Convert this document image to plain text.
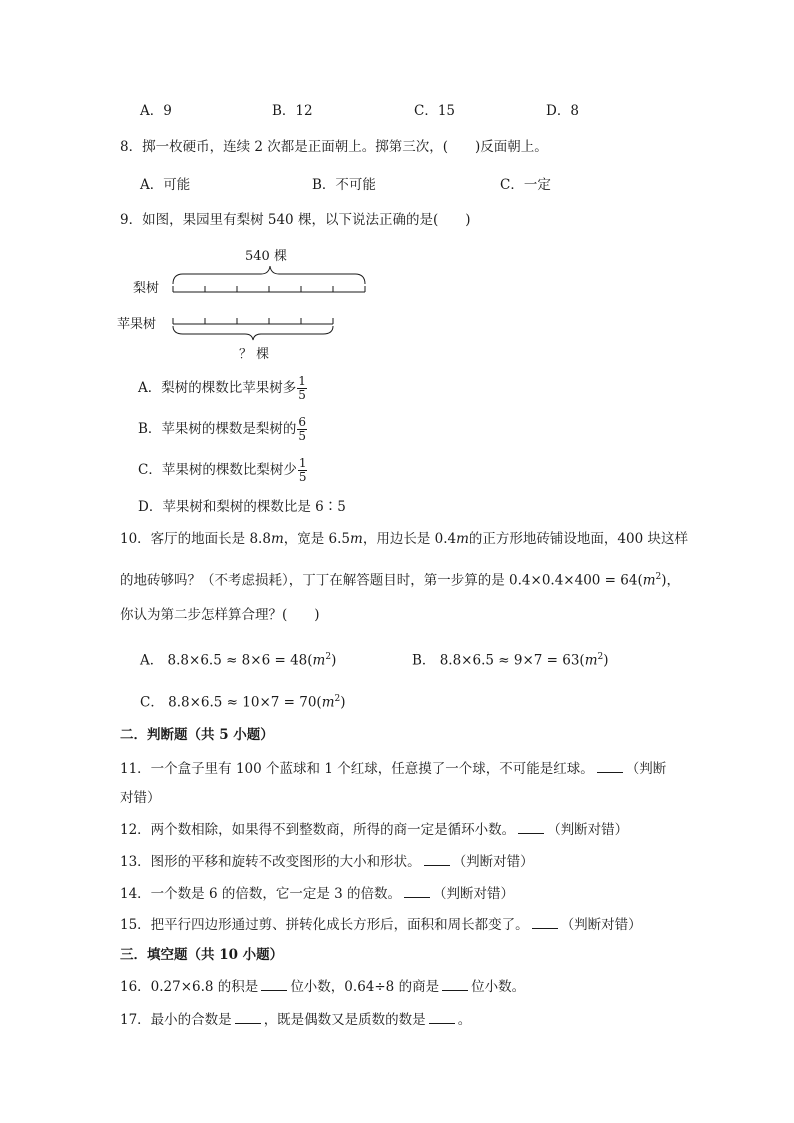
A．9	B．12	C．15	D．8
8．掷一枚硬币，连续 2 次都是正面朝上。掷第三次，(　　)反面朝上。
A．可能	B．不可能	C．一定
9．如图，果园里有梨树 540 棵，以下说法正确的是(　　)
540 棵
梨树
苹果树
？ 棵
A．梨树的棵数比苹果树多 $\frac{1}{5}$
B．苹果树的棵数是梨树的 $\frac{6}{5}$
C．苹果树的棵数比梨树少 $\frac{1}{5}$
D．苹果树和梨树的棵数比是 6∶5
10．客厅的地面长是 8.8m，宽是 6.5m，用边长是 0.4m的正方形地砖铺设地面，400 块这样
的地砖够吗？（不考虑损耗），丁丁在解答题目时，第一步算的是 $0.4\times 0.4\times 400 = 64(m^2)$，
你认为第二步怎样算合理？(　　)
A． $8.8\times 6.5 \approx 8\times 6 = 48(m^2)$	B． $8.8\times 6.5 \approx 9\times 7 = 63(m^2)$
C． $8.8\times 6.5 \approx 10\times 7 = 70(m^2)$
二．判断题（共 5 小题）
11．一个盒子里有 100 个蓝球和 1 个红球，任意摸了一个球，不可能是红球。 （判断
对错）
12．两个数相除，如果得不到整数商，所得的商一定是循环小数。 （判断对错）
13．图形的平移和旋转不改变图形的大小和形状。 （判断对错）
14．一个数是 6 的倍数，它一定是 3 的倍数。 （判断对错）
15．把平行四边形通过剪、拼转化成长方形后，面积和周长都变了。 （判断对错）
三．填空题（共 10 小题）
16．0.27×6.8 的积是 位小数，0.64÷8 的商是 位小数。
17．最小的合数是 ，既是偶数又是质数的数是 。
